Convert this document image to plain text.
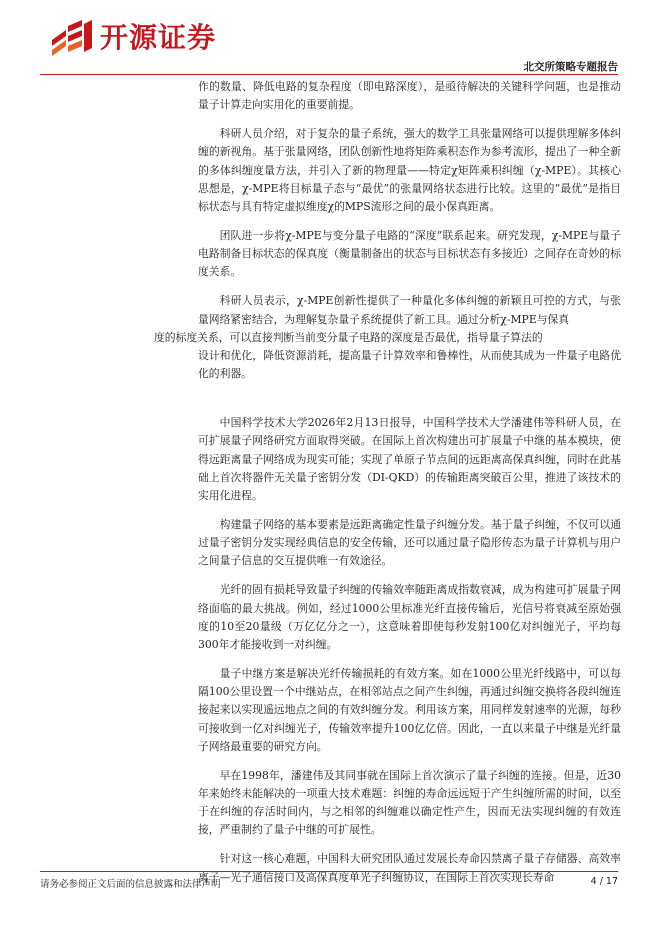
开源证券
北交所策略专题报告

作的数量、降低电路的复杂程度（即电路深度），是亟待解决的关键科学问题，也是推动量子计算走向实用化的重要前提。

科研人员介绍，对于复杂的量子系统，强大的数学工具张量网络可以提供理解多体纠缠的新视角。基于张量网络，团队创新性地将矩阵乘积态作为参考流形，提出了一种全新的多体纠缠度量方法，并引入了新的物理量——特定χ矩阵乘积纠缠（χ-MPE）。其核心思想是，χ-MPE将目标量子态与“最优”的张量网络状态进行比较。这里的“最优”是指目标状态与具有特定虚拟维度χ的MPS流形之间的最小保真距离。

团队进一步将χ-MPE与变分量子电路的“深度”联系起来。研究发现，χ-MPE与量子电路制备目标状态的保真度（衡量制备出的状态与目标状态有多接近）之间存在奇妙的标度关系。

科研人员表示，χ-MPE创新性提供了一种量化多体纠缠的新颖且可控的方式，与张量网络紧密结合，为理解复杂量子系统提供了新工具。通过分析χ-MPE与保真

度的标度关系，可以直接判断当前变分量子电路的深度是否最优，指导量子算法的

设计和优化，降低资源消耗，提高量子计算效率和鲁棒性，从而使其成为一件量子电路优化的利器。

中国科学技术大学2026年2月13日报导，中国科学技术大学潘建伟等科研人员，在可扩展量子网络研究方面取得突破。在国际上首次构建出可扩展量子中继的基本模块，使得远距离量子网络成为现实可能；实现了单原子节点间的远距离高保真纠缠，同时在此基础上首次将器件无关量子密钥分发（DI-QKD）的传输距离突破百公里，推进了该技术的实用化进程。

构建量子网络的基本要素是远距离确定性量子纠缠分发。基于量子纠缠，不仅可以通过量子密钥分发实现经典信息的安全传输，还可以通过量子隐形传态为量子计算机与用户之间量子信息的交互提供唯一有效途径。

光纤的固有损耗导致量子纠缠的传输效率随距离成指数衰减，成为构建可扩展量子网络面临的最大挑战。例如，经过1000公里标准光纤直接传输后，光信号将衰减至原始强度的10至20量级（万亿亿分之一），这意味着即使每秒发射100亿对纠缠光子，平均每300年才能接收到一对纠缠。

量子中继方案是解决光纤传输损耗的有效方案。如在1000公里光纤线路中，可以每隔100公里设置一个中继站点，在相邻站点之间产生纠缠，再通过纠缠交换将各段纠缠连接起来以实现遥远地点之间的有效纠缠分发。利用该方案，用同样发射速率的光源，每秒可接收到一亿对纠缠光子，传输效率提升100亿亿倍。因此，一直以来量子中继是光纤量子网络最重要的研究方向。

早在1998年，潘建伟及其同事就在国际上首次演示了量子纠缠的连接。但是，近30年来始终未能解决的一项重大技术难题：纠缠的寿命远远短于产生纠缠所需的时间，以至于在纠缠的存活时间内，与之相邻的纠缠难以确定性产生，因而无法实现纠缠的有效连接，严重制约了量子中继的可扩展性。

针对这一核心难题，中国科大研究团队通过发展长寿命囚禁离子量子存储器、高效率离子—光子通信接口及高保真度单光子纠缠协议，在国际上首次实现长寿命

请务必参阅正文后面的信息披露和法律声明	4 / 17
